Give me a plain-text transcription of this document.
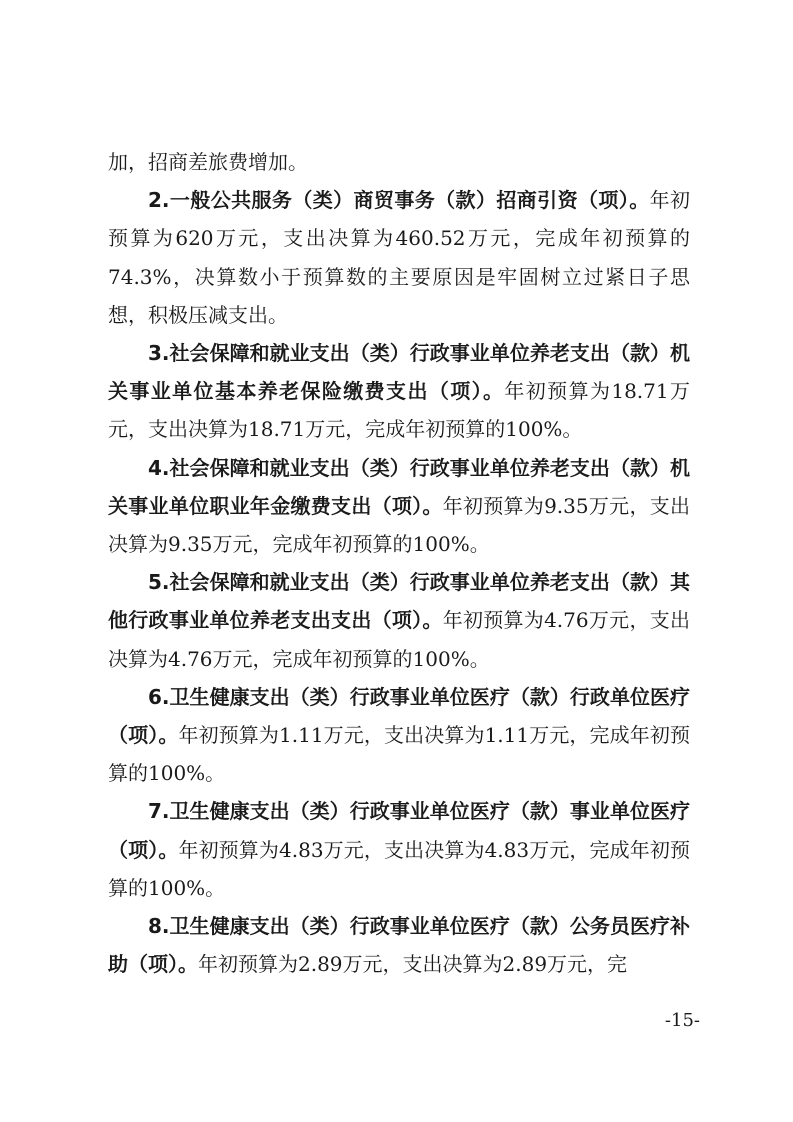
加，招商差旅费增加。

2.一般公共服务（类）商贸事务（款）招商引资（项）。年初预算为620万元，支出决算为460.52万元，完成年初预算的74.3%，决算数小于预算数的主要原因是牢固树立过紧日子思想，积极压减支出。

3.社会保障和就业支出（类）行政事业单位养老支出（款）机关事业单位基本养老保险缴费支出（项）。年初预算为18.71万元，支出决算为18.71万元，完成年初预算的100%。

4.社会保障和就业支出（类）行政事业单位养老支出（款）机关事业单位职业年金缴费支出（项）。年初预算为9.35万元，支出决算为9.35万元，完成年初预算的100%。

5.社会保障和就业支出（类）行政事业单位养老支出（款）其他行政事业单位养老支出支出（项）。年初预算为4.76万元，支出决算为4.76万元，完成年初预算的100%。

6.卫生健康支出（类）行政事业单位医疗（款）行政单位医疗（项）。年初预算为1.11万元，支出决算为1.11万元，完成年初预算的100%。

7.卫生健康支出（类）行政事业单位医疗（款）事业单位医疗（项）。年初预算为4.83万元，支出决算为4.83万元，完成年初预算的100%。

8.卫生健康支出（类）行政事业单位医疗（款）公务员医疗补助（项）。年初预算为2.89万元，支出决算为2.89万元，完

-15-
